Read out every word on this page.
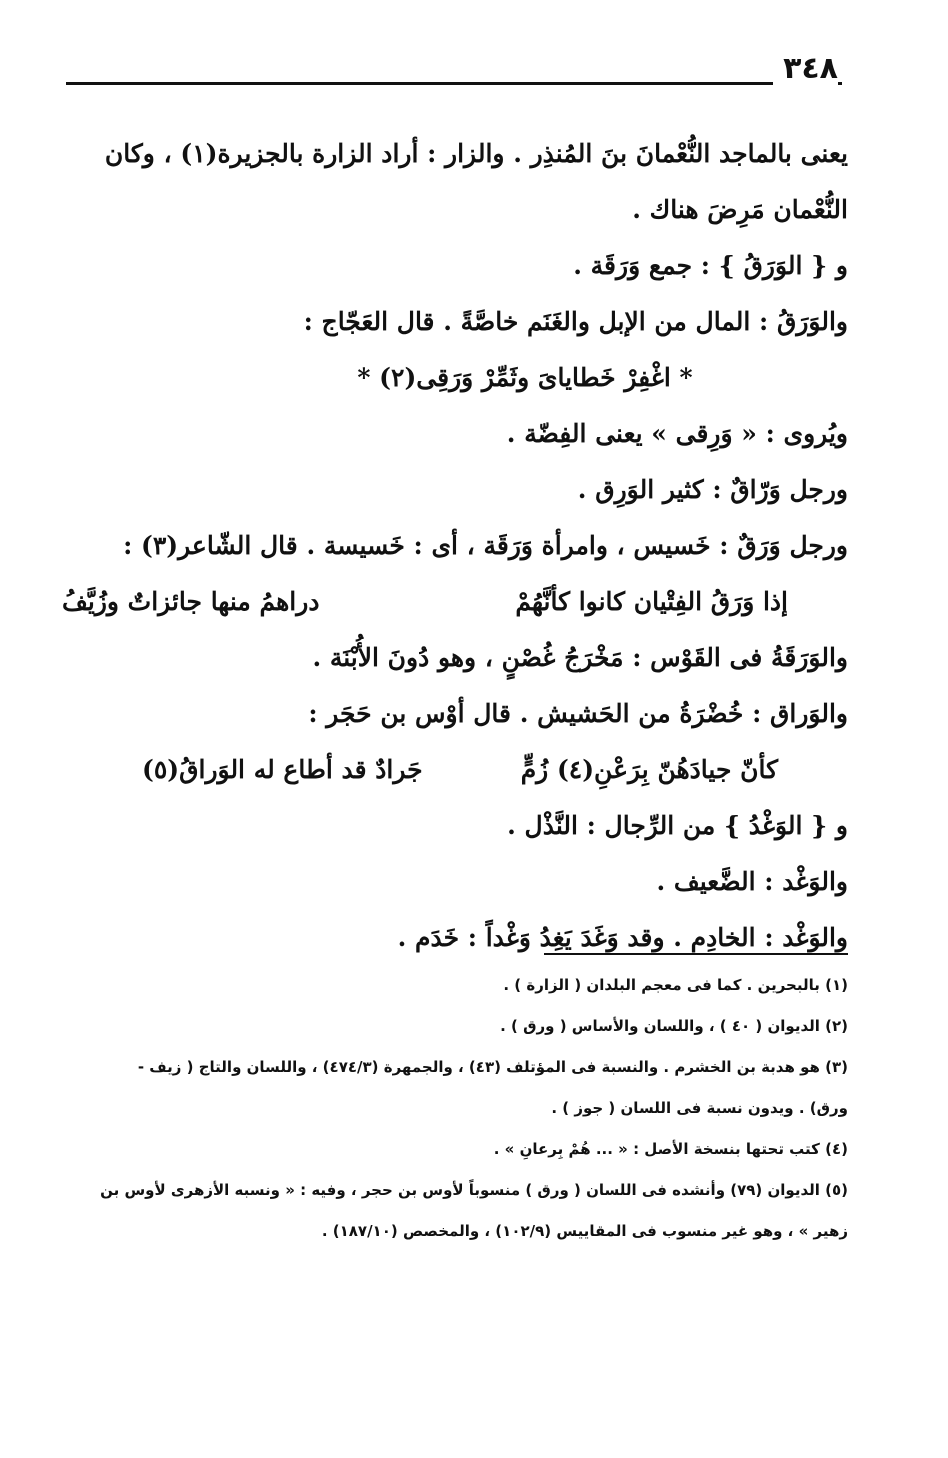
٣٤٨
يعنى بالماجد النُّعْمانَ بنَ المُنذِر . والزار : أراد الزارة بالجزيرة(١) ، وكان
النُّعْمان مَرِضَ هناك .
و { الوَرَقُ } : جمع وَرَقَة .
والوَرَقُ : المال من الإبل والغَنَم خاصَّةً . قال العَجّاج :
* اغْفِرْ خَطاياىَ وثَمِّرْ وَرَقِى(٢) *
ويُروى : « وَرِقى » يعنى الفِضّة .
ورجل وَرّاقٌ : كثير الوَرِق .
ورجل وَرَقٌ : خَسيس ، وامرأة وَرَقَة ، أى : خَسيسة . قال الشّاعر(٣) :
إذا وَرَقُ الفِتْيان كانوا كأنَّهُمْ
دراهمُ منها جائزاتٌ وزُيَّفُ
والوَرَقَةُ فى القَوْس : مَخْرَجُ غُصْنٍ ، وهو دُونَ الأُبْنَة .
والوَراق : خُضْرَةُ من الحَشيش . قال أوْس بن حَجَر :
كأنّ جيادَهُنّ بِرَعْنِ(٤) زُمٍّ
جَرادٌ قد أطاع له الوَراقُ(٥)
و { الوَغْدُ } من الرِّجال : النَّذْل .
والوَغْد : الضَّعيف .
والوَغْد : الخادِم . وقد وَغَدَ يَغِدُ وَغْداً : خَدَم .
(١) بالبحرين . كما فى معجم البلدان ( الزارة ) .
(٢) الديوان ( ٤٠ ) ، واللسان والأساس ( ورق ) .
(٣) هو هدبة بن الخشرم . والنسبة فى المؤتلف (٤٣) ، والجمهرة (٤٧٤/٣) ، واللسان والتاج ( زيف -
ورق) . ويدون نسبة فى اللسان ( جوز ) .
(٤) كتب تحتها بنسخة الأصل : « ... هُمْ بِرعانِ » .
(٥) الديوان (٧٩) وأنشده فى اللسان ( ورق ) منسوباً لأوس بن حجر ، وفيه : « ونسبه الأزهرى لأوس بن
زهير » ، وهو غير منسوب فى المقاييس (١٠٢/٩) ، والمخصص (١٨٧/١٠) .
